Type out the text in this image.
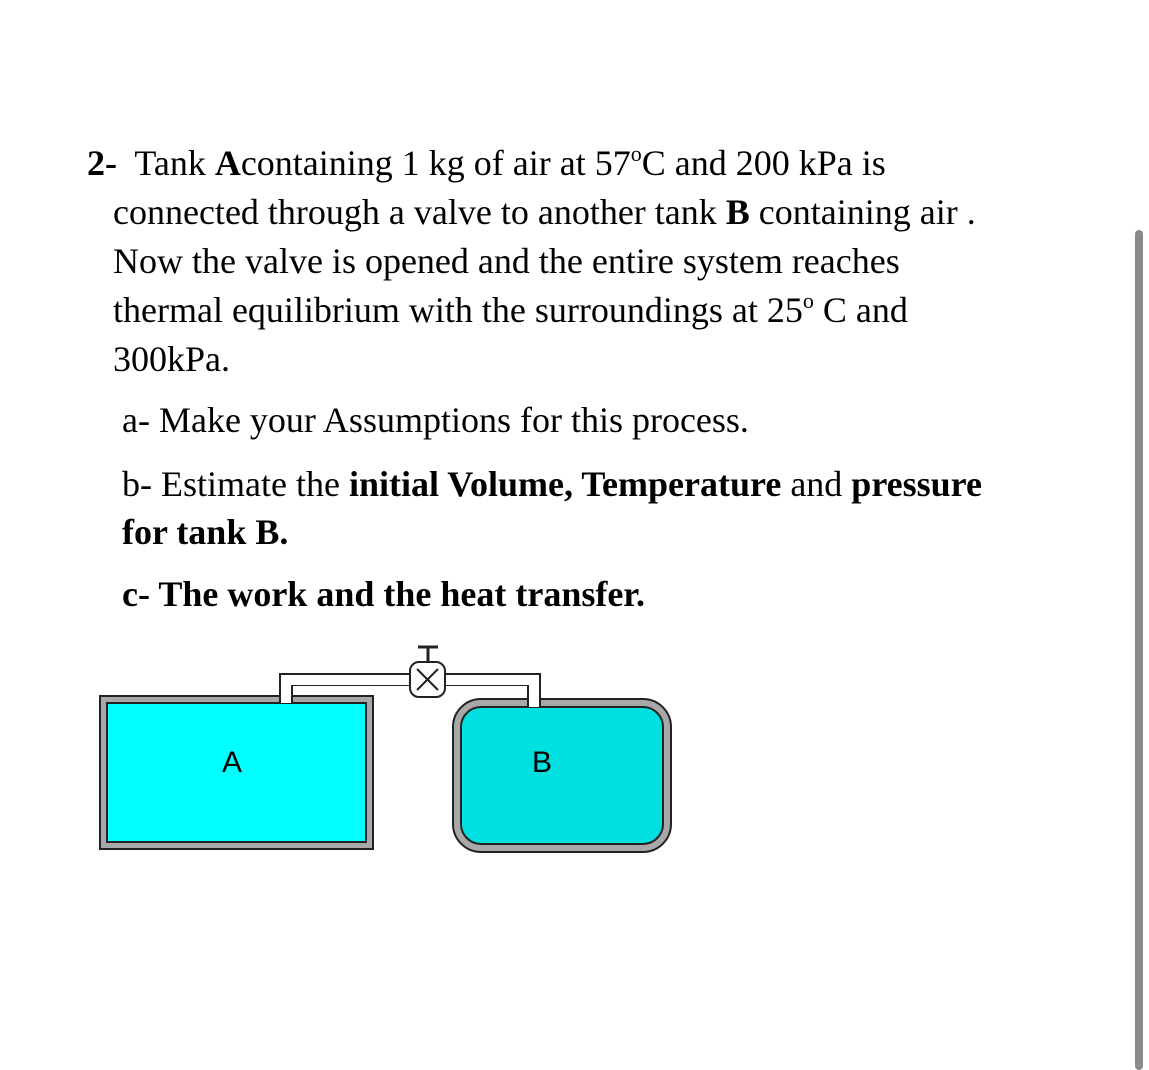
2- Tank Acontaining 1 kg of air at 57$^o$C and 200 kPa is
connected through a valve to another tank B containing air .
Now the valve is opened and the entire system reaches
thermal equilibrium with the surroundings at 25$^o$ C and
300kPa.
a- Make your Assumptions for this process.
b- Estimate the initial Volume, Temperature and pressure
for tank B.
c- The work and the heat transfer.
A	B
